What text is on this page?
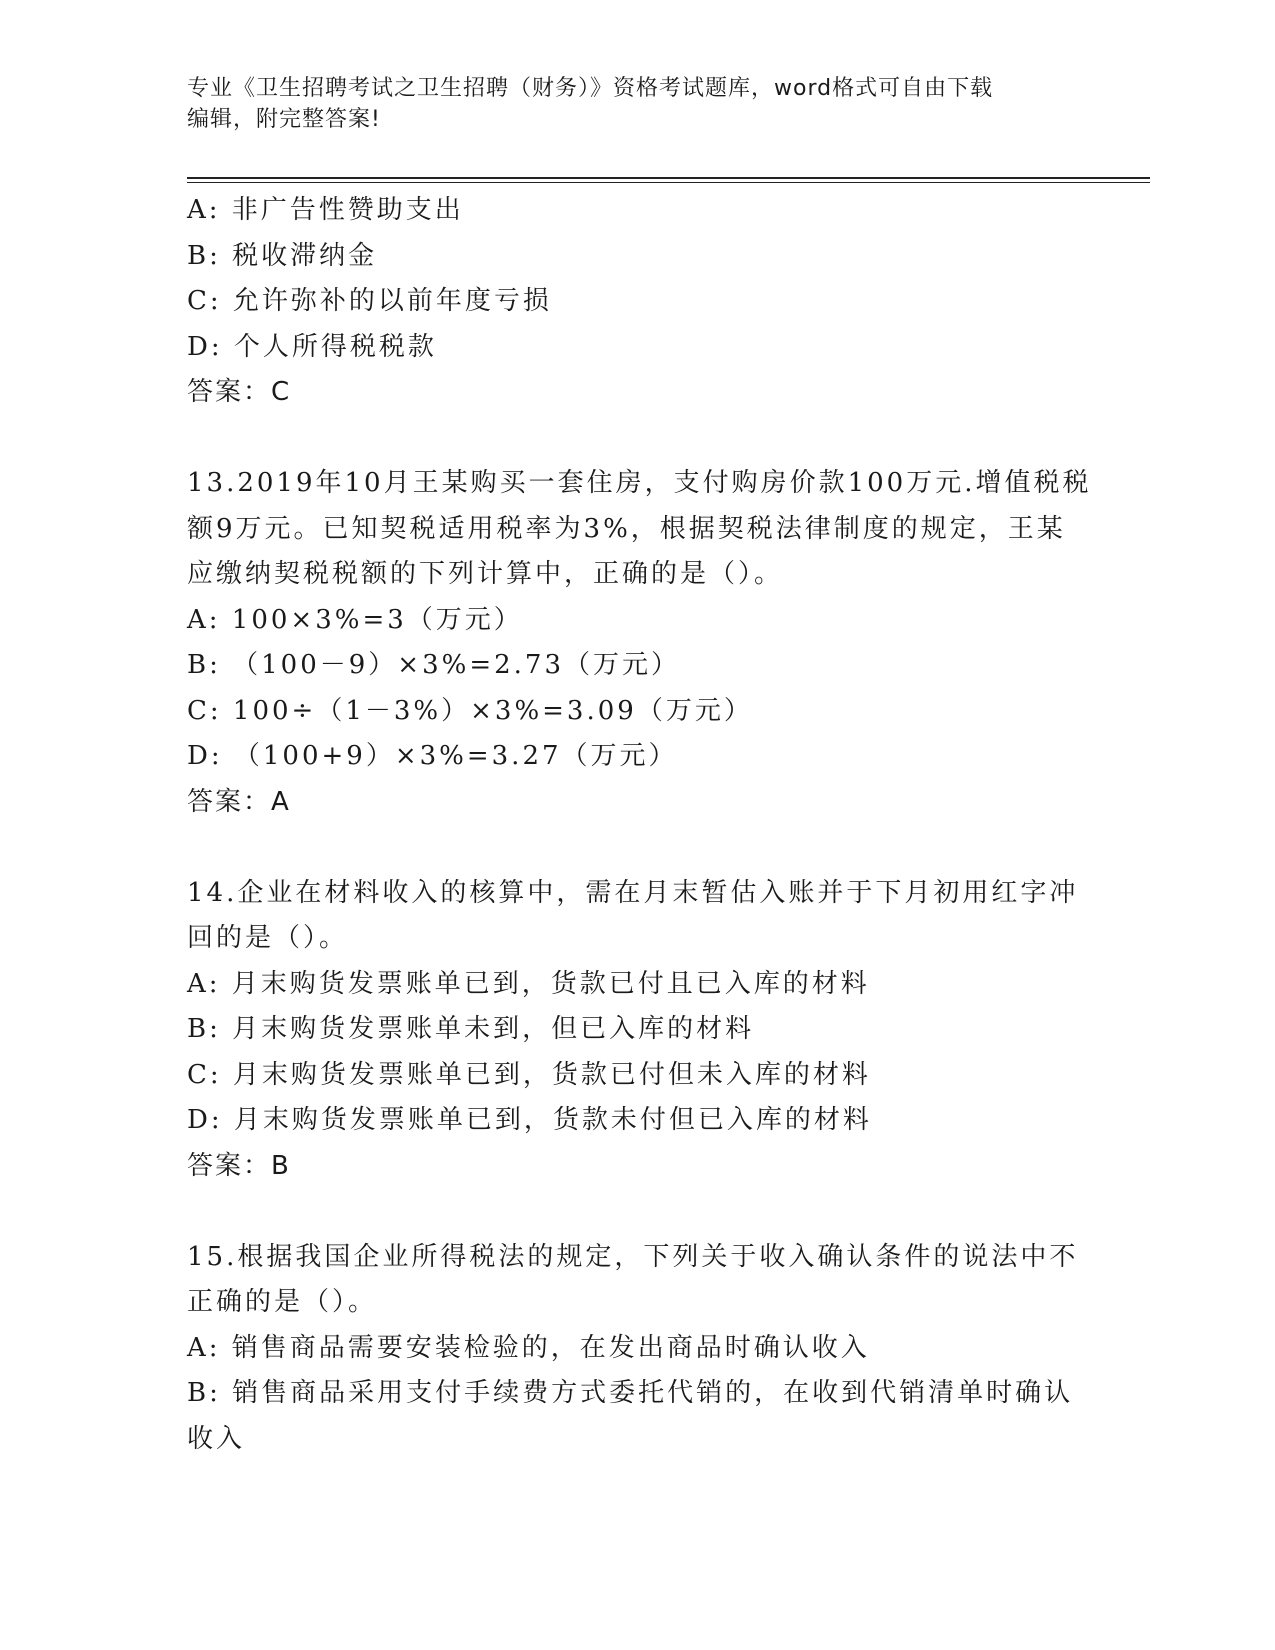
专业《卫生招聘考试之卫生招聘（财务）》资格考试题库，word格式可自由下载
编辑，附完整答案!
A: 非广告性赞助支出
B: 税收滞纳金
C: 允许弥补的以前年度亏损
D: 个人所得税税款
答案：C
13.2019年10月王某购买一套住房，支付购房价款100万元.增值税税
额9万元。已知契税适用税率为3%，根据契税法律制度的规定，王某
应缴纳契税税额的下列计算中，正确的是（）。
A: 100×3%=3（万元）
B: （100－9）×3%=2.73（万元）
C: 100÷（1－3%）×3%=3.09（万元）
D: （100+9）×3%=3.27（万元）
答案：A
14.企业在材料收入的核算中，需在月末暂估入账并于下月初用红字冲
回的是（）。
A: 月末购货发票账单已到，货款已付且已入库的材料
B: 月末购货发票账单未到，但已入库的材料
C: 月末购货发票账单已到，货款已付但未入库的材料
D: 月末购货发票账单已到，货款未付但已入库的材料
答案：B
15.根据我国企业所得税法的规定，下列关于收入确认条件的说法中不
正确的是（）。
A: 销售商品需要安装检验的，在发出商品时确认收入
B: 销售商品采用支付手续费方式委托代销的，在收到代销清单时确认
收入
